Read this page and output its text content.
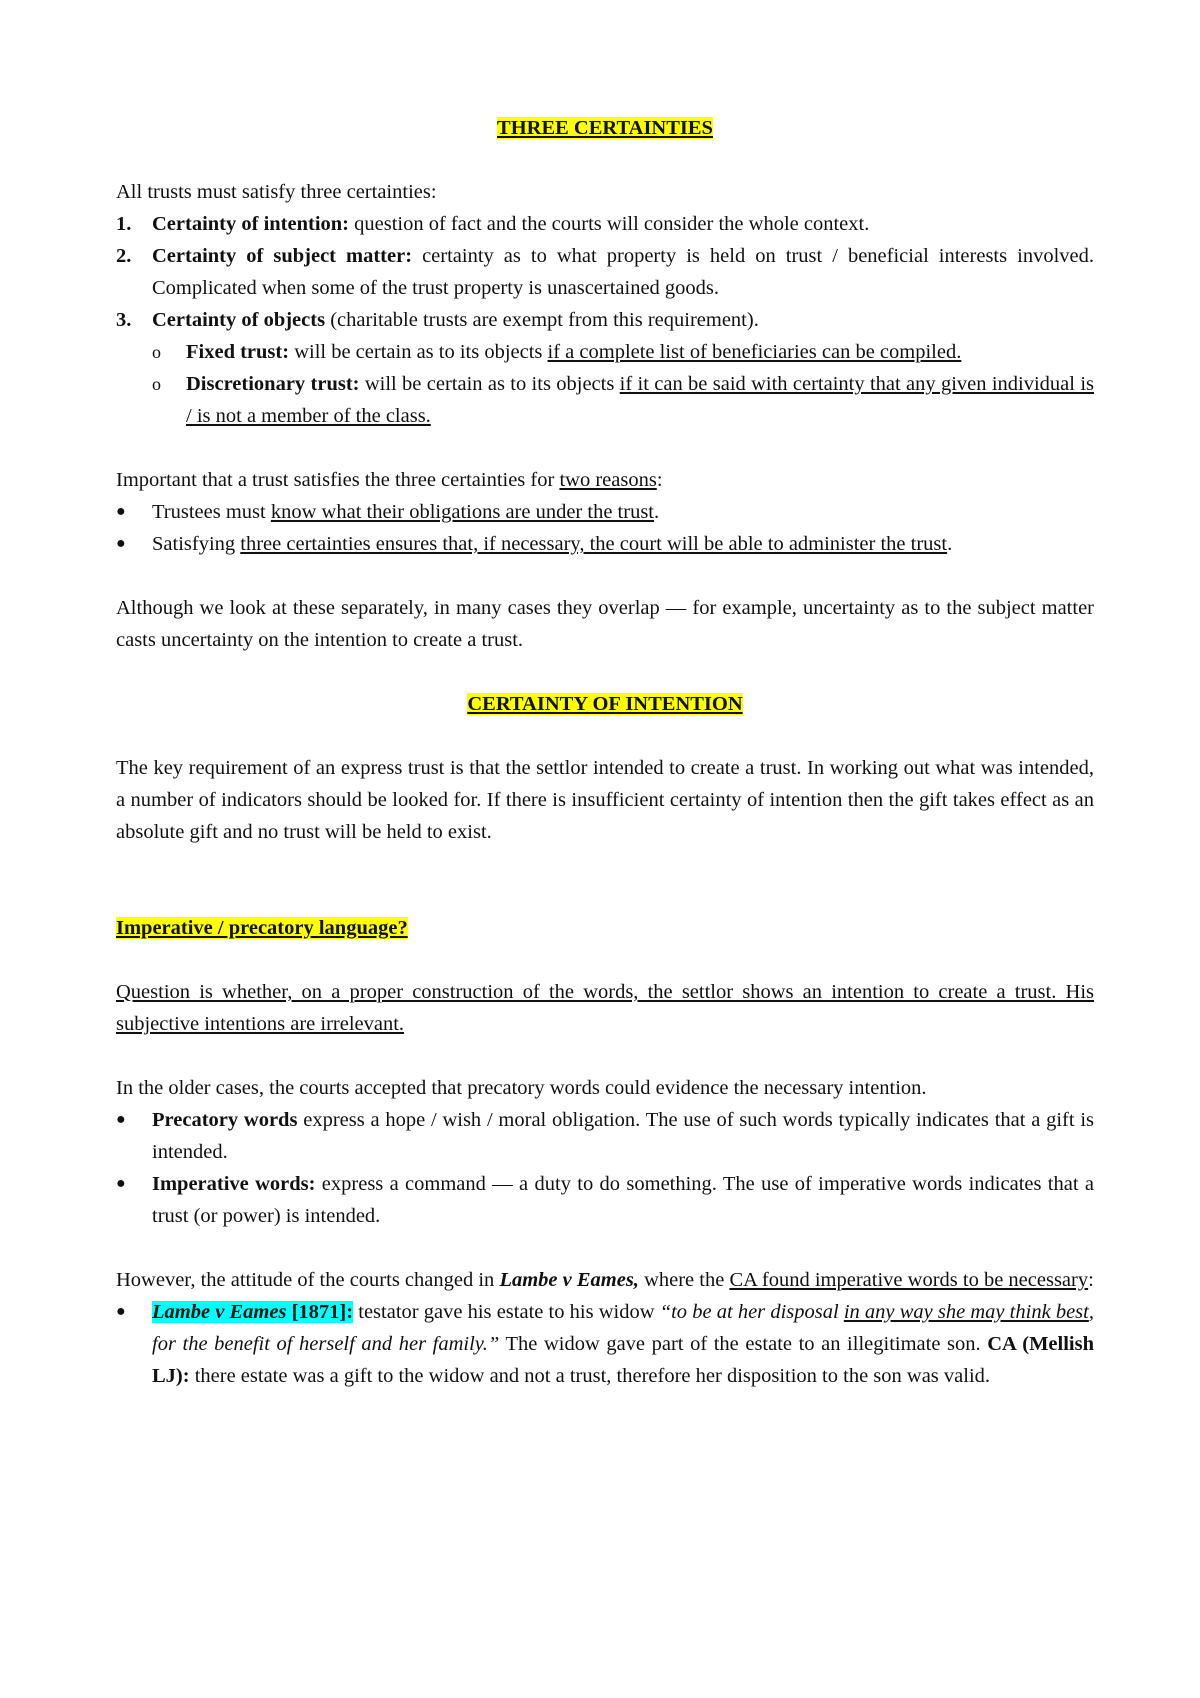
THREE CERTAINTIES

All trusts must satisfy three certainties:

1.	Certainty of intention: question of fact and the courts will consider the whole context.

2.	Certainty of subject matter: certainty as to what property is held on trust / beneficial interests involved. Complicated when some of the trust property is unascertained goods.

3.	Certainty of objects (charitable trusts are exempt from this requirement).

o	Fixed trust: will be certain as to its objects if a complete list of beneficiaries can be compiled.

o	Discretionary trust: will be certain as to its objects if it can be said with certainty that any given individual is / is not a member of the class.

Important that a trust satisfies the three certainties for two reasons:

●	Trustees must know what their obligations are under the trust.

●	Satisfying three certainties ensures that, if necessary, the court will be able to administer the trust.

Although we look at these separately, in many cases they overlap — for example, uncertainty as to the subject matter casts uncertainty on the intention to create a trust.

CERTAINTY OF INTENTION

The key requirement of an express trust is that the settlor intended to create a trust. In working out what was intended, a number of indicators should be looked for. If there is insufficient certainty of intention then the gift takes effect as an absolute gift and no trust will be held to exist.

Imperative / precatory language?

Question is whether, on a proper construction of the words, the settlor shows an intention to create a trust. His subjective intentions are irrelevant.

In the older cases, the courts accepted that precatory words could evidence the necessary intention.

●	Precatory words express a hope / wish / moral obligation. The use of such words typically indicates that a gift is intended.

●	Imperative words: express a command — a duty to do something. The use of imperative words indicates that a trust (or power) is intended.

However, the attitude of the courts changed in Lambe v Eames, where the CA found imperative words to be necessary:

●	Lambe v Eames [1871]: testator gave his estate to his widow “to be at her disposal in any way she may think best, for the benefit of herself and her family.” The widow gave part of the estate to an illegitimate son. CA (Mellish LJ): there estate was a gift to the widow and not a trust, therefore her disposition to the son was valid.
